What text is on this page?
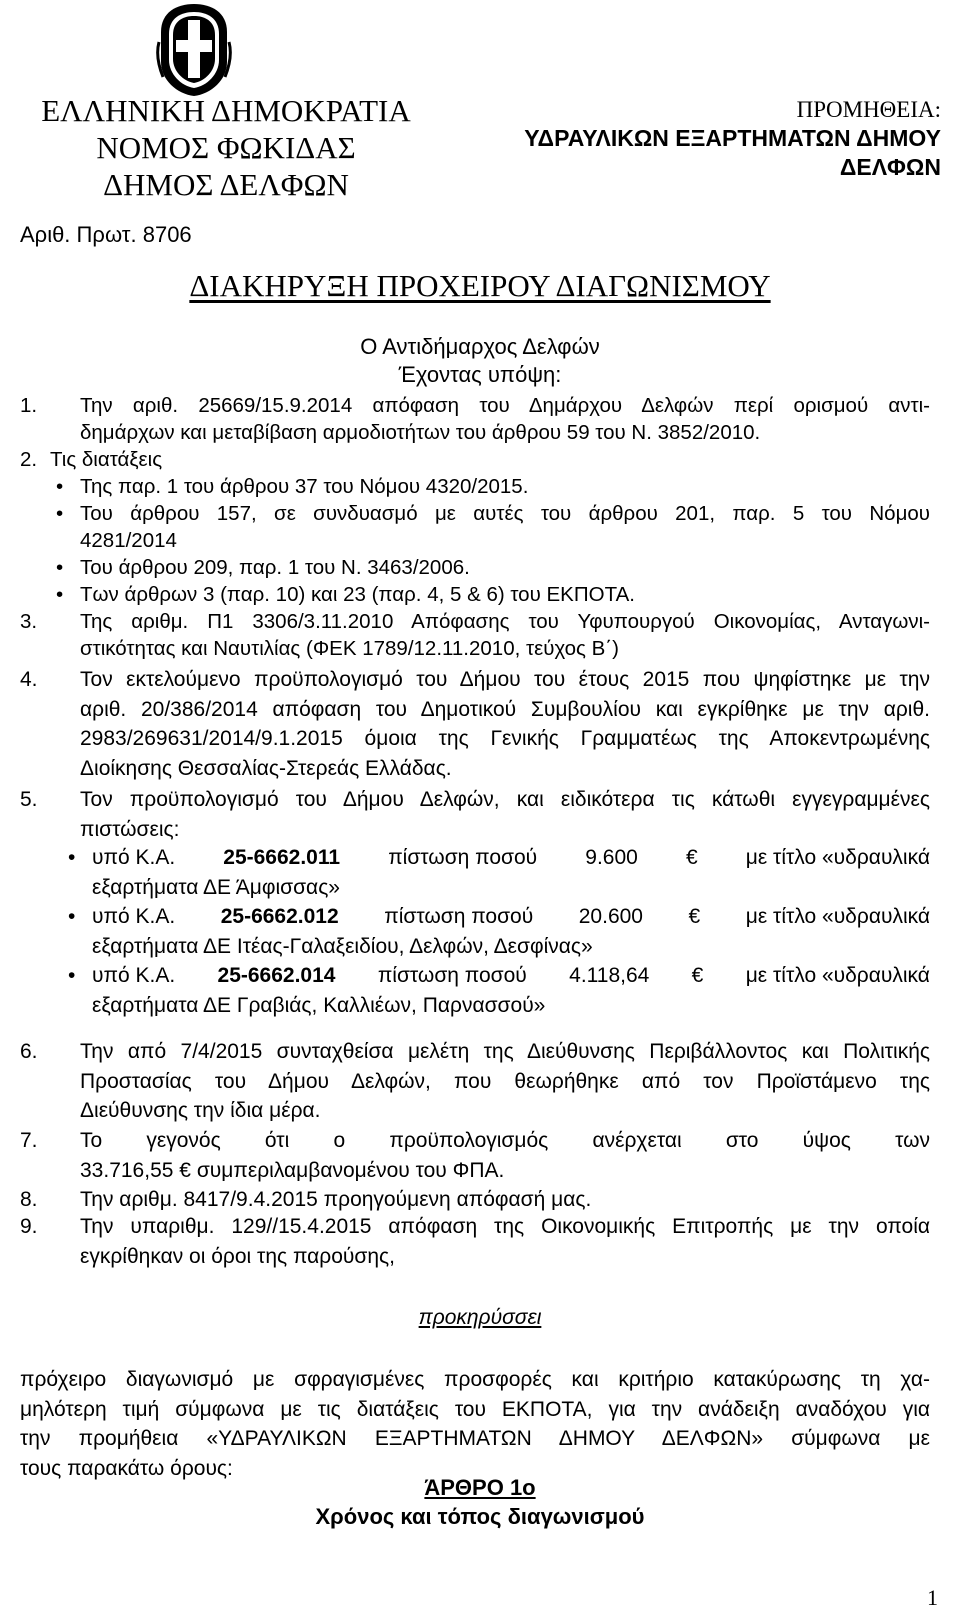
ΕΛΛΗΝΙΚΗ ΔΗΜΟΚΡΑΤΙΑ
ΝΟΜΟΣ ΦΩΚΙΔΑΣ
ΔΗΜΟΣ ΔΕΛΦΩΝ
ΠΡΟΜΗΘΕΙΑ:
ΥΔΡΑΥΛΙΚΩΝ ΕΞΑΡΤΗΜΑΤΩΝ ΔΗΜΟΥ
ΔΕΛΦΩΝ
Αριθ. Πρωτ. 8706
ΔΙΑΚΗΡΥΞΗ ΠΡΟΧΕΙΡΟΥ ΔΙΑΓΩΝΙΣΜΟΥ
Ο Αντιδήμαρχος Δελφών
Έχοντας υπόψη:
1.	Την αριθ. 25669/15.9.2014 απόφαση του Δημάρχου Δελφών περί ορισμού αντι-
δημάρχων και μεταβίβαση αρμοδιοτήτων του άρθρου 59 του Ν. 3852/2010.
2. Τις διατάξεις
• Της παρ. 1 του άρθρου 37 του Νόμου 4320/2015.
• Του άρθρου 157, σε συνδυασμό με αυτές του άρθρου 201, παρ. 5 του Νόμου
4281/2014
• Του άρθρου 209, παρ. 1 του Ν. 3463/2006.
• Των άρθρων 3 (παρ. 10) και 23 (παρ. 4, 5 & 6) του ΕΚΠΟΤΑ.
3.	Της αριθμ. Π1 3306/3.11.2010 Απόφασης του Υφυπουργού Οικονομίας, Ανταγωνι-
στικότητας και Ναυτιλίας (ΦΕΚ 1789/12.11.2010, τεύχος Β΄)
4.	Τον εκτελούμενο προϋπολογισμό του Δήμου του έτους 2015 που ψηφίστηκε με την
αριθ. 20/386/2014 απόφαση του Δημοτικού Συμβουλίου και εγκρίθηκε με την αριθ.
2983/269631/2014/9.1.2015 όμοια της Γενικής Γραμματέως της Αποκεντρωμένης
Διοίκησης Θεσσαλίας-Στερεάς Ελλάδας.
5.	Τον προϋπολογισμό του Δήμου Δελφών, και ειδικότερα τις κάτωθι εγγεγραμμένες
πιστώσεις:
• υπό Κ.Α. 25-6662.011 πίστωση ποσού 9.600 € με τίτλο «υδραυλικά
εξαρτήματα ΔΕ Άμφισσας»
• υπό Κ.Α. 25-6662.012 πίστωση ποσού 20.600 € με τίτλο «υδραυλικά
εξαρτήματα ΔΕ Ιτέας-Γαλαξειδίου, Δελφών, Δεσφίνας»
• υπό Κ.Α. 25-6662.014 πίστωση ποσού 4.118,64 € με τίτλο «υδραυλικά
εξαρτήματα ΔΕ Γραβιάς, Καλλιέων, Παρνασσού»
6.	Την από 7/4/2015 συνταχθείσα μελέτη της Διεύθυνσης Περιβάλλοντος και Πολιτικής
Προστασίας του Δήμου Δελφών, που θεωρήθηκε από τον Προϊστάμενο της
Διεύθυνσης την ίδια μέρα.
7.	Το γεγονός ότι ο προϋπολογισμός ανέρχεται στο ύψος των
33.716,55 € συμπεριλαμβανομένου του ΦΠΑ.
8.	Την αριθμ. 8417/9.4.2015 προηγούμενη απόφασή μας.
9.	Την υπαριθμ. 129//15.4.2015 απόφαση της Οικονομικής Επιτροπής με την οποία
εγκρίθηκαν οι όροι της παρούσης,
προκηρύσσει
πρόχειρο διαγωνισμό με σφραγισμένες προσφορές και κριτήριο κατακύρωσης τη χα-
μηλότερη τιμή σύμφωνα με τις διατάξεις του ΕΚΠΟΤΑ, για την ανάδειξη αναδόχου για
την προμήθεια «ΥΔΡΑΥΛΙΚΩΝ ΕΞΑΡΤΗΜΑΤΩΝ ΔΗΜΟΥ ΔΕΛΦΩΝ» σύμφωνα με
τους παρακάτω όρους:
ΆΡΘΡΟ 1ο
Χρόνος και τόπος διαγωνισμού
1
